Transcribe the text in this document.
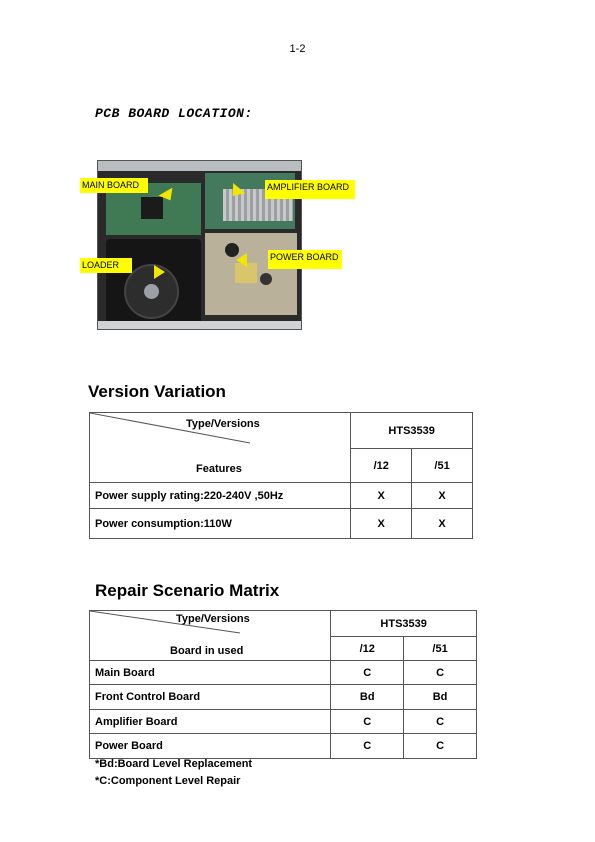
1-2
PCB BOARD LOCATION:
MAIN BOARD	AMPLIFIER BOARD
LOADER
POWER BOARD
Version Variation
Type/Versions
Features	HTS3539	
	/12	/51
Power supply rating:220-240V ,50Hz	X	X
Power consumption:110W	X	X
Repair Scenario Matrix
Type/Versions
Board in used	HTS3539	
	/12	/51
Main Board	C	C
Front Control Board	Bd	Bd
Amplifier Board	C	C
Power Board	C	C
*Bd:Board Level Replacement
*C:Component Level Repair
